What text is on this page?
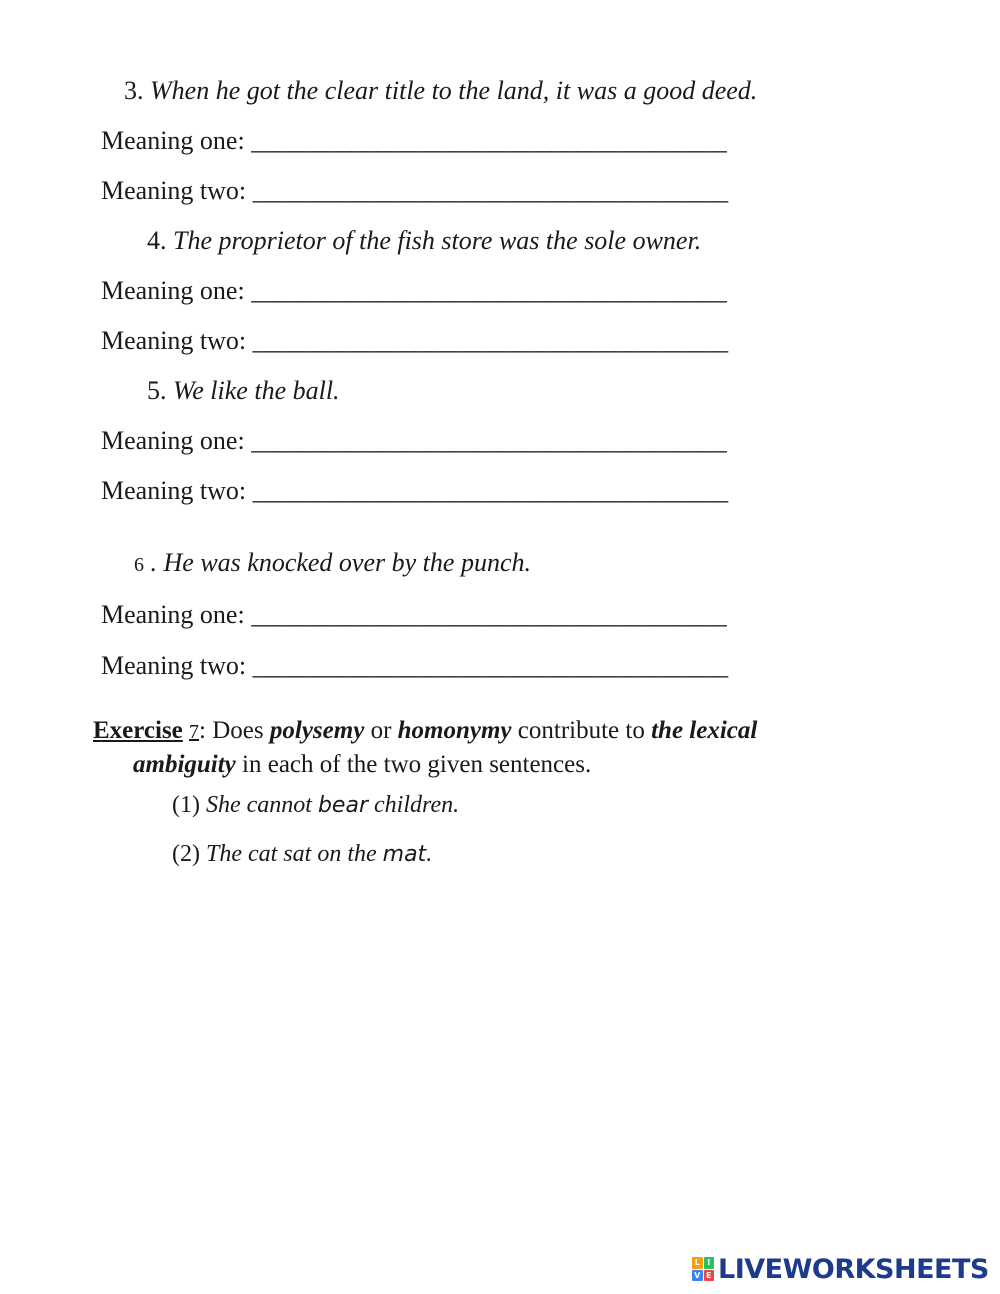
3. When he got the clear title to the land, it was a good deed.
Meaning one: ______________________________________
Meaning two: ______________________________________
4. The proprietor of the fish store was the sole owner.
Meaning one: ______________________________________
Meaning two: ______________________________________
5. We like the ball.
Meaning one: ______________________________________
Meaning two: ______________________________________
6 . He was knocked over by the punch.
Meaning one: ______________________________________
Meaning two: ______________________________________
Exercise 7: Does polysemy or homonymy contribute to the lexical
ambiguity in each of the two given sentences.
(1) She cannot bear children.
(2) The cat sat on the mat.
L I
V E LIVEWORKSHEETS
